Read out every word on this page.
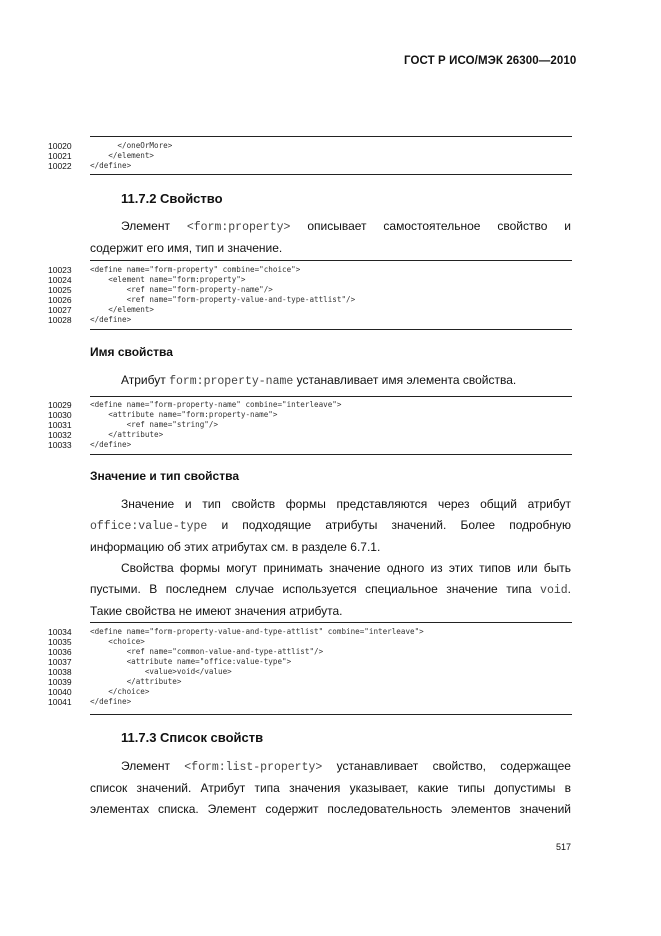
ГОСТ Р ИСО/МЭК 26300—2010
10020	</oneOrMore>
10021	</element>
10022	</define>
11.7.2 Свойство

Элемент <form:property> описывает самостоятельное свойство и

содержит его имя, тип и значение.

10023	<define name="form-property" combine="choice">
10024	<element name="form:property">
10025	<ref name="form-property-name"/>
10026	<ref name="form-property-value-and-type-attlist"/>
10027	</element>
10028	</define>
Имя свойства

Атрибут form:property-name устанавливает имя элемента свойства.

10029	<define name="form-property-name" combine="interleave">
10030	<attribute name="form:property-name">
10031	<ref name="string"/>
10032	</attribute>
10033	</define>
Значение и тип свойства

Значение и тип свойств формы представляются через общий атрибут

office:value-type и подходящие атрибуты значений. Более подробную

информацию об этих атрибутах см. в разделе 6.7.1.

Свойства формы могут принимать значение одного из этих типов или быть

пустыми. В последнем случае используется специальное значение типа void.

Такие свойства не имеют значения атрибута.

10034	<define name="form-property-value-and-type-attlist" combine="interleave">
10035	<choice>
10036	<ref name="common-value-and-type-attlist"/>
10037	<attribute name="office:value-type">
10038	<value>void</value>
10039	</attribute>
10040	</choice>
10041	</define>
11.7.3 Список свойств

Элемент <form:list-property> устанавливает свойство, содержащее

список значений. Атрибут типа значения указывает, какие типы допустимы в

элементах списка. Элемент содержит последовательность элементов значений

517
